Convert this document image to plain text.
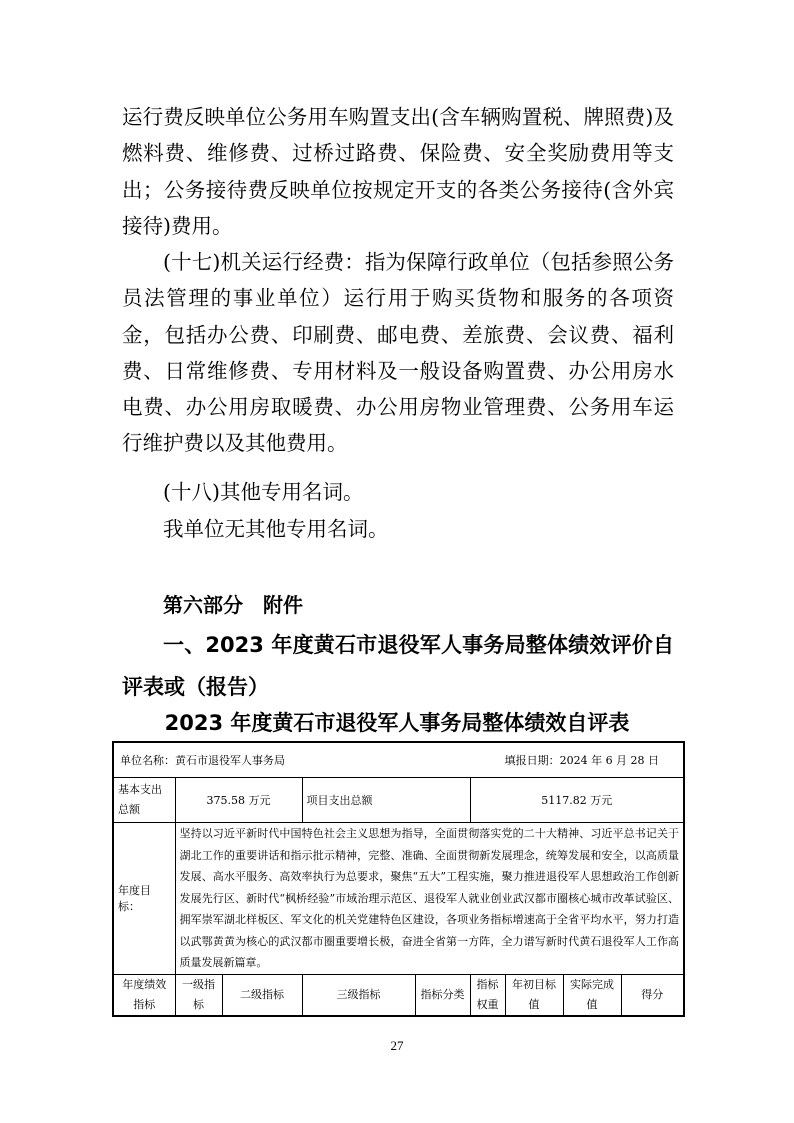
运行费反映单位公务用车购置支出(含车辆购置税、牌照费)及燃料费、维修费、过桥过路费、保险费、安全奖励费用等支出；公务接待费反映单位按规定开支的各类公务接待(含外宾接待)费用。

(十七)机关运行经费：指为保障行政单位（包括参照公务员法管理的事业单位）运行用于购买货物和服务的各项资金，包括办公费、印刷费、邮电费、差旅费、会议费、福利费、日常维修费、专用材料及一般设备购置费、办公用房水电费、办公用房取暖费、办公用房物业管理费、公务用车运行维护费以及其他费用。

(十八)其他专用名词。

我单位无其他专用名词。

第六部分　附件

一、2023 年度黄石市退役军人事务局整体绩效评价自评表或（报告）

2023 年度黄石市退役军人事务局整体绩效自评表

单位名称：黄石市退役军人事务局 填报日期：2024 年 6 月 28 日								

基本支出总额	375.58 万元		项目支出总额		5117.82 万元			
年度目标：	坚持以习近平新时代中国特色社会主义思想为指导，全面贯彻落实党的二十大精神、习近平总书记关于湖北工作的重要讲话和指示批示精神，完整、准确、全面贯彻新发展理念，统筹发展和安全，以高质量发展、高水平服务、高效率执行为总要求，聚焦“五大”工程实施，聚力推进退役军人思想政治工作创新发展先行区、新时代“枫桥经验”市域治理示范区、退役军人就业创业武汉都市圈核心城市改革试验区、拥军崇军湖北样板区、军文化的机关党建特色区建设，各项业务指标增速高于全省平均水平，努力打造以武鄂黄黄为核心的武汉都市圈重要增长极，奋进全省第一方阵，全力谱写新时代黄石退役军人工作高质量发展新篇章。							
年度绩效指标	一级指标	二级指标	三级指标	指标分类	指标权重	年初目标值	实际完成值	得分

27
